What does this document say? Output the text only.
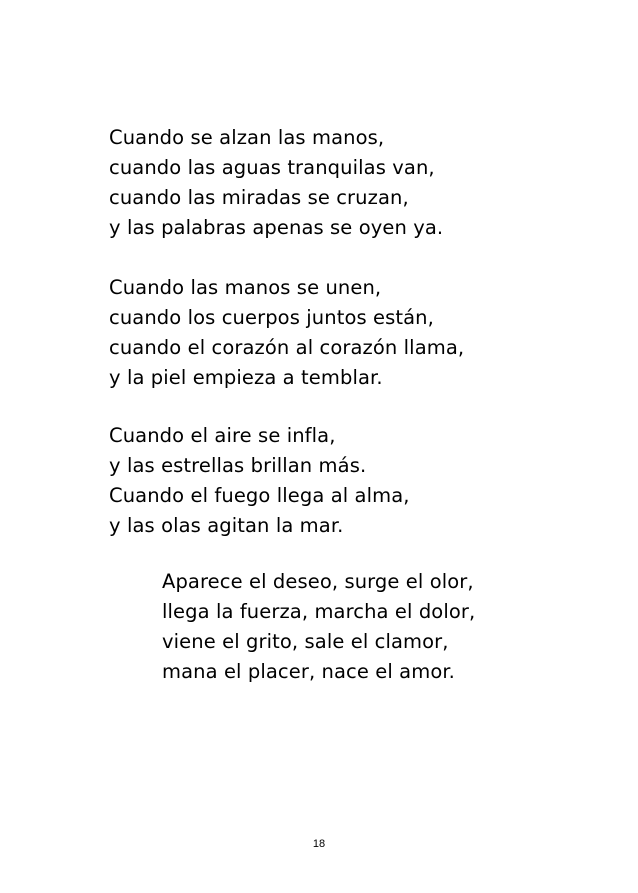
Cuando se alzan las manos,
cuando las aguas tranquilas van,
cuando las miradas se cruzan,
y las palabras apenas se oyen ya.
Cuando las manos se unen,
cuando los cuerpos juntos están,
cuando el corazón al corazón llama,
y la piel empieza a temblar.
Cuando el aire se infla,
y las estrellas brillan más.
Cuando el fuego llega al alma,
y las olas agitan la mar.
Aparece el deseo, surge el olor,
llega la fuerza, marcha el dolor,
viene el grito, sale el clamor,
mana el placer, nace el amor.
18
